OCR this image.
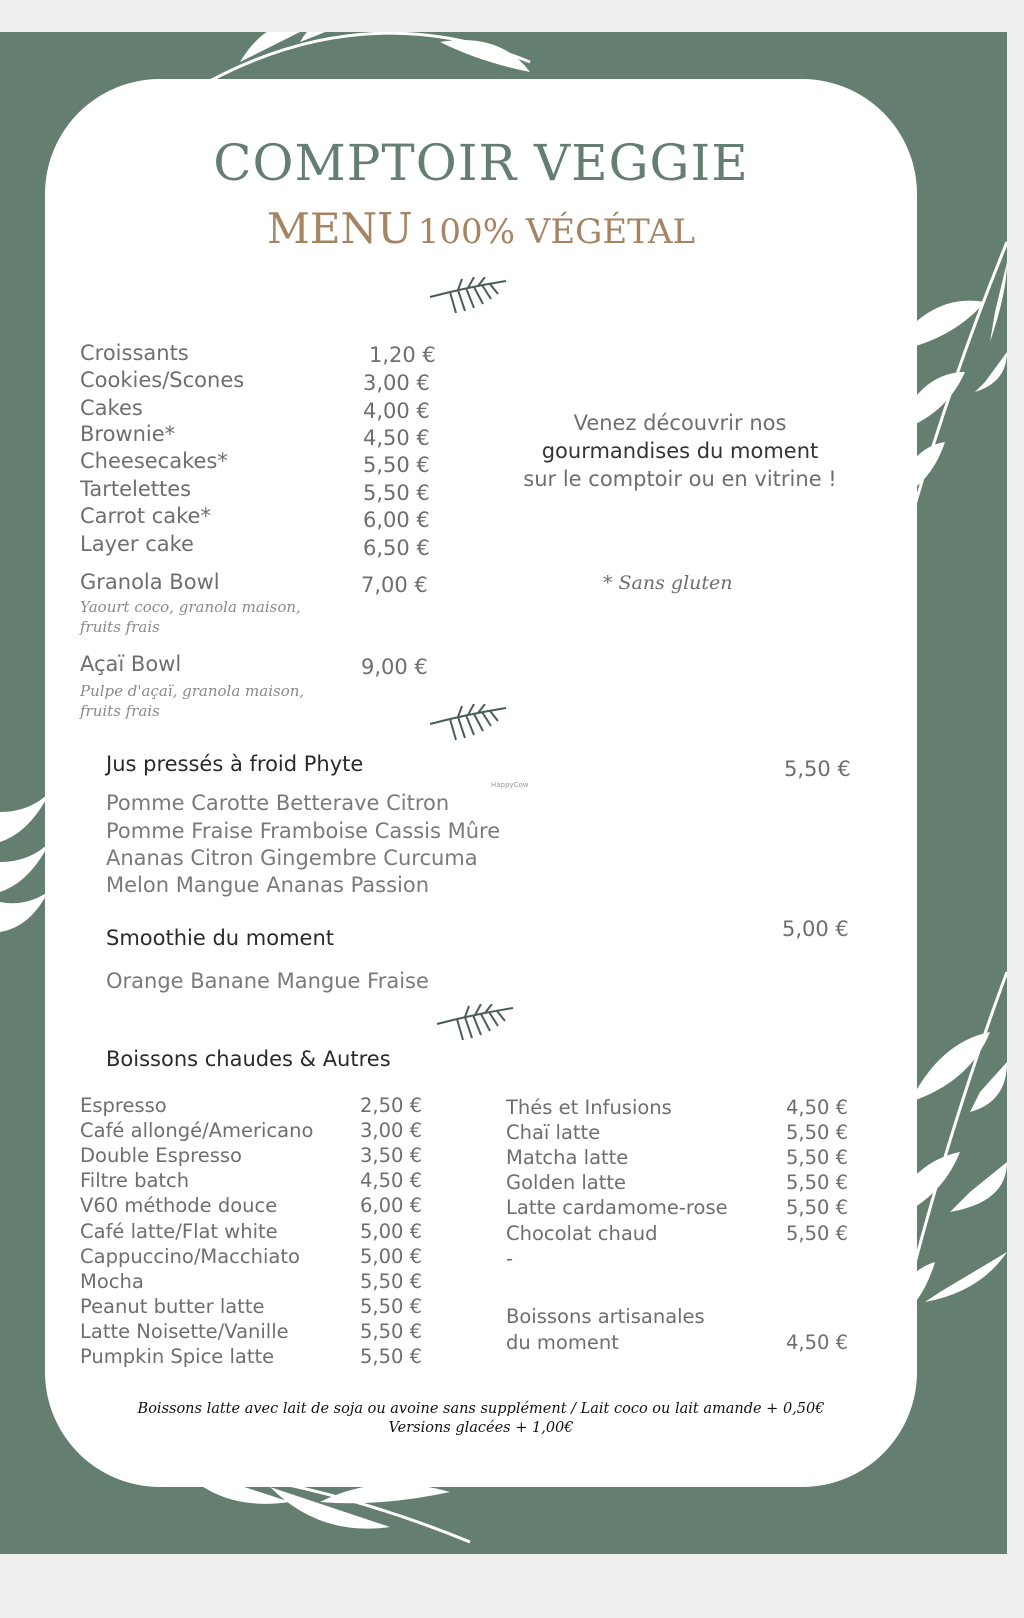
COMPTOIR VEGGIE
MENU 100% VÉGÉTAL
Croissants	1,20 €
Cookies/Scones	3,00 €
Cakes	4,00 €
Brownie*	4,50 €
Cheesecakes*	5,50 €
Tartelettes	5,50 €
Carrot cake*	6,00 €
Layer cake	6,50 €
Granola Bowl	7,00 €
Yaourt coco, granola maison,
fruits frais
Açaï Bowl	9,00 €
Pulpe d'açaï, granola maison,
fruits frais
Venez découvrir nos
gourmandises du moment
sur le comptoir ou en vitrine !
* Sans gluten
Jus pressés à froid Phyte	5,50 €
HappyCow
Pomme Carotte Betterave Citron
Pomme Fraise Framboise Cassis Mûre
Ananas Citron Gingembre Curcuma
Melon Mangue Ananas Passion
Smoothie du moment	5,00 €
Orange Banane Mangue Fraise
Boissons chaudes & Autres
Espresso	2,50 €
Café allongé/Americano 3,00 €
Double Espresso	3,50 €
Filtre batch	4,50 €
V60 méthode douce	6,00 €
Café latte/Flat white	5,00 €
Cappuccino/Macchiato	5,00 €
Mocha	5,50 €
Peanut butter latte	5,50 €
Latte Noisette/Vanille	5,50 €
Pumpkin Spice latte	5,50 €
Thés et Infusions	4,50 €
Chaï latte	5,50 €
Matcha latte	5,50 €
Golden latte	5,50 €
Latte cardamome-rose	5,50 €
Chocolat chaud	5,50 €
-
Boissons artisanales
du moment	4,50 €
Boissons latte avec lait de soja ou avoine sans supplément / Lait coco ou lait amande + 0,50€
Versions glacées + 1,00€
